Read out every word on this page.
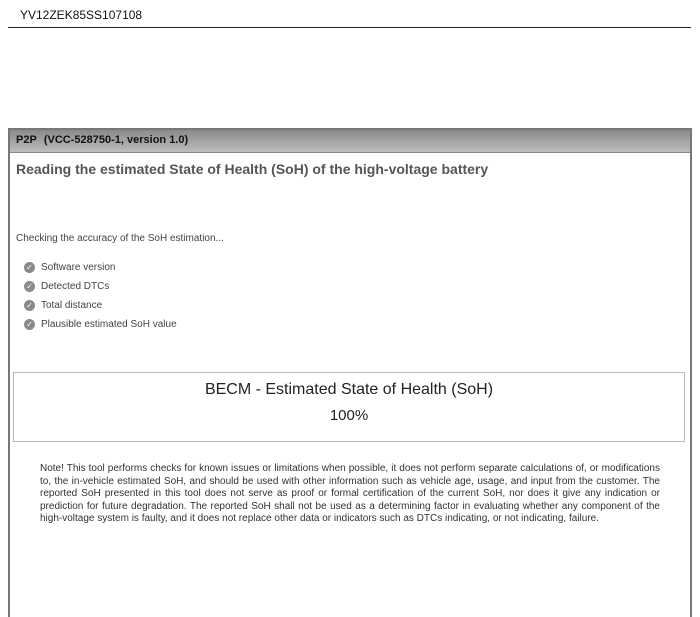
YV12ZEK85SS107108
P2P (VCC-528750-1, version 1.0)
Reading the estimated State of Health (SoH) of the high-voltage battery
Checking the accuracy of the SoH estimation...
✓ Software version
✓ Detected DTCs
✓ Total distance
✓ Plausible estimated SoH value
BECM - Estimated State of Health (SoH)
100%
Note! This tool performs checks for known issues or limitations when possible, it does not perform separate calculations of, or modifications to, the in-vehicle estimated SoH, and should be used with other information such as vehicle age, usage, and input from the customer. The reported SoH presented in this tool does not serve as proof or formal certification of the current SoH, nor does it give any indication or prediction for future degradation. The reported SoH shall not be used as a determining factor in evaluating whether any component of the high-voltage system is faulty, and it does not replace other data or indicators such as DTCs indicating, or not indicating, failure.
